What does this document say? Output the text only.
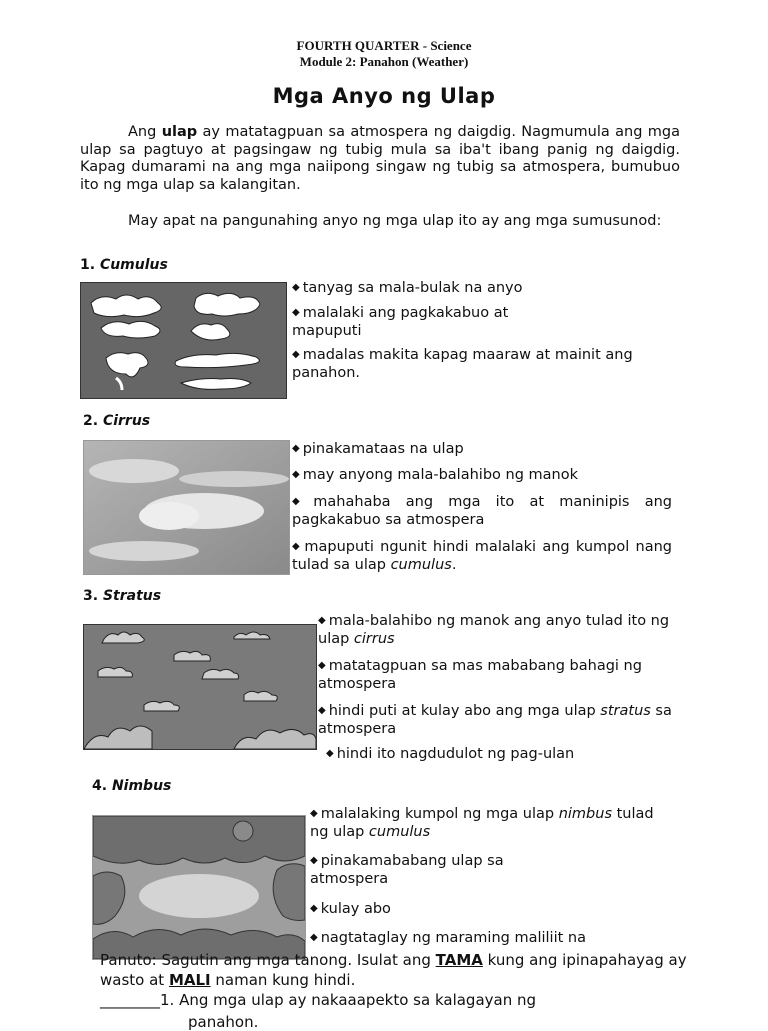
FOURTH QUARTER - Science
Module 2: Panahon (Weather)
Mga Anyo ng Ulap

Ang ulap ay matatagpuan sa atmospera ng daigdig. Nagmumula ang mga ulap sa pagtuyo at pagsingaw ng tubig mula sa iba't ibang panig ng daigdig. Kapag dumarami na ang mga naiipong singaw ng tubig sa atmospera, bumubuo ito ng mga ulap sa kalangitan.

May apat na pangunahing anyo ng mga ulap ito ay ang mga sumusunod:

1. Cumulus
◆ tanyag sa mala-bulak na anyo
◆ malalaki ang pagkakabuo at mapuputi
◆ madalas makita kapag maaraw at mainit ang panahon.
2. Cirrus
◆ pinakamataas na ulap
◆ may anyong mala-balahibo ng manok
◆ mahahaba ang mga ito at maninipis ang pagkakabuo sa atmospera
◆ mapuputi ngunit hindi malalaki ang kumpol nang tulad sa ulap cumulus.
3. Stratus
◆ mala-balahibo ng manok ang anyo tulad ito ng ulap cirrus
◆ matatagpuan sa mas mababang bahagi ng atmospera
◆ hindi puti at kulay abo ang mga ulap stratus sa atmospera
◆ hindi ito nagdudulot ng pag-ulan
4. Nimbus
◆ malalaking kumpol ng mga ulap nimbus tulad ng ulap cumulus
◆ pinakamababang ulap sa atmospera
◆ kulay abo
◆ nagtataglay ng maraming maliliit na
Panuto: Sagutin ang mga tanong. Isulat ang TAMA kung ang ipinapahayag ay wasto at MALI naman kung hindi.
________1. Ang mga ulap ay nakaaapekto sa kalagayan ng
panahon.
